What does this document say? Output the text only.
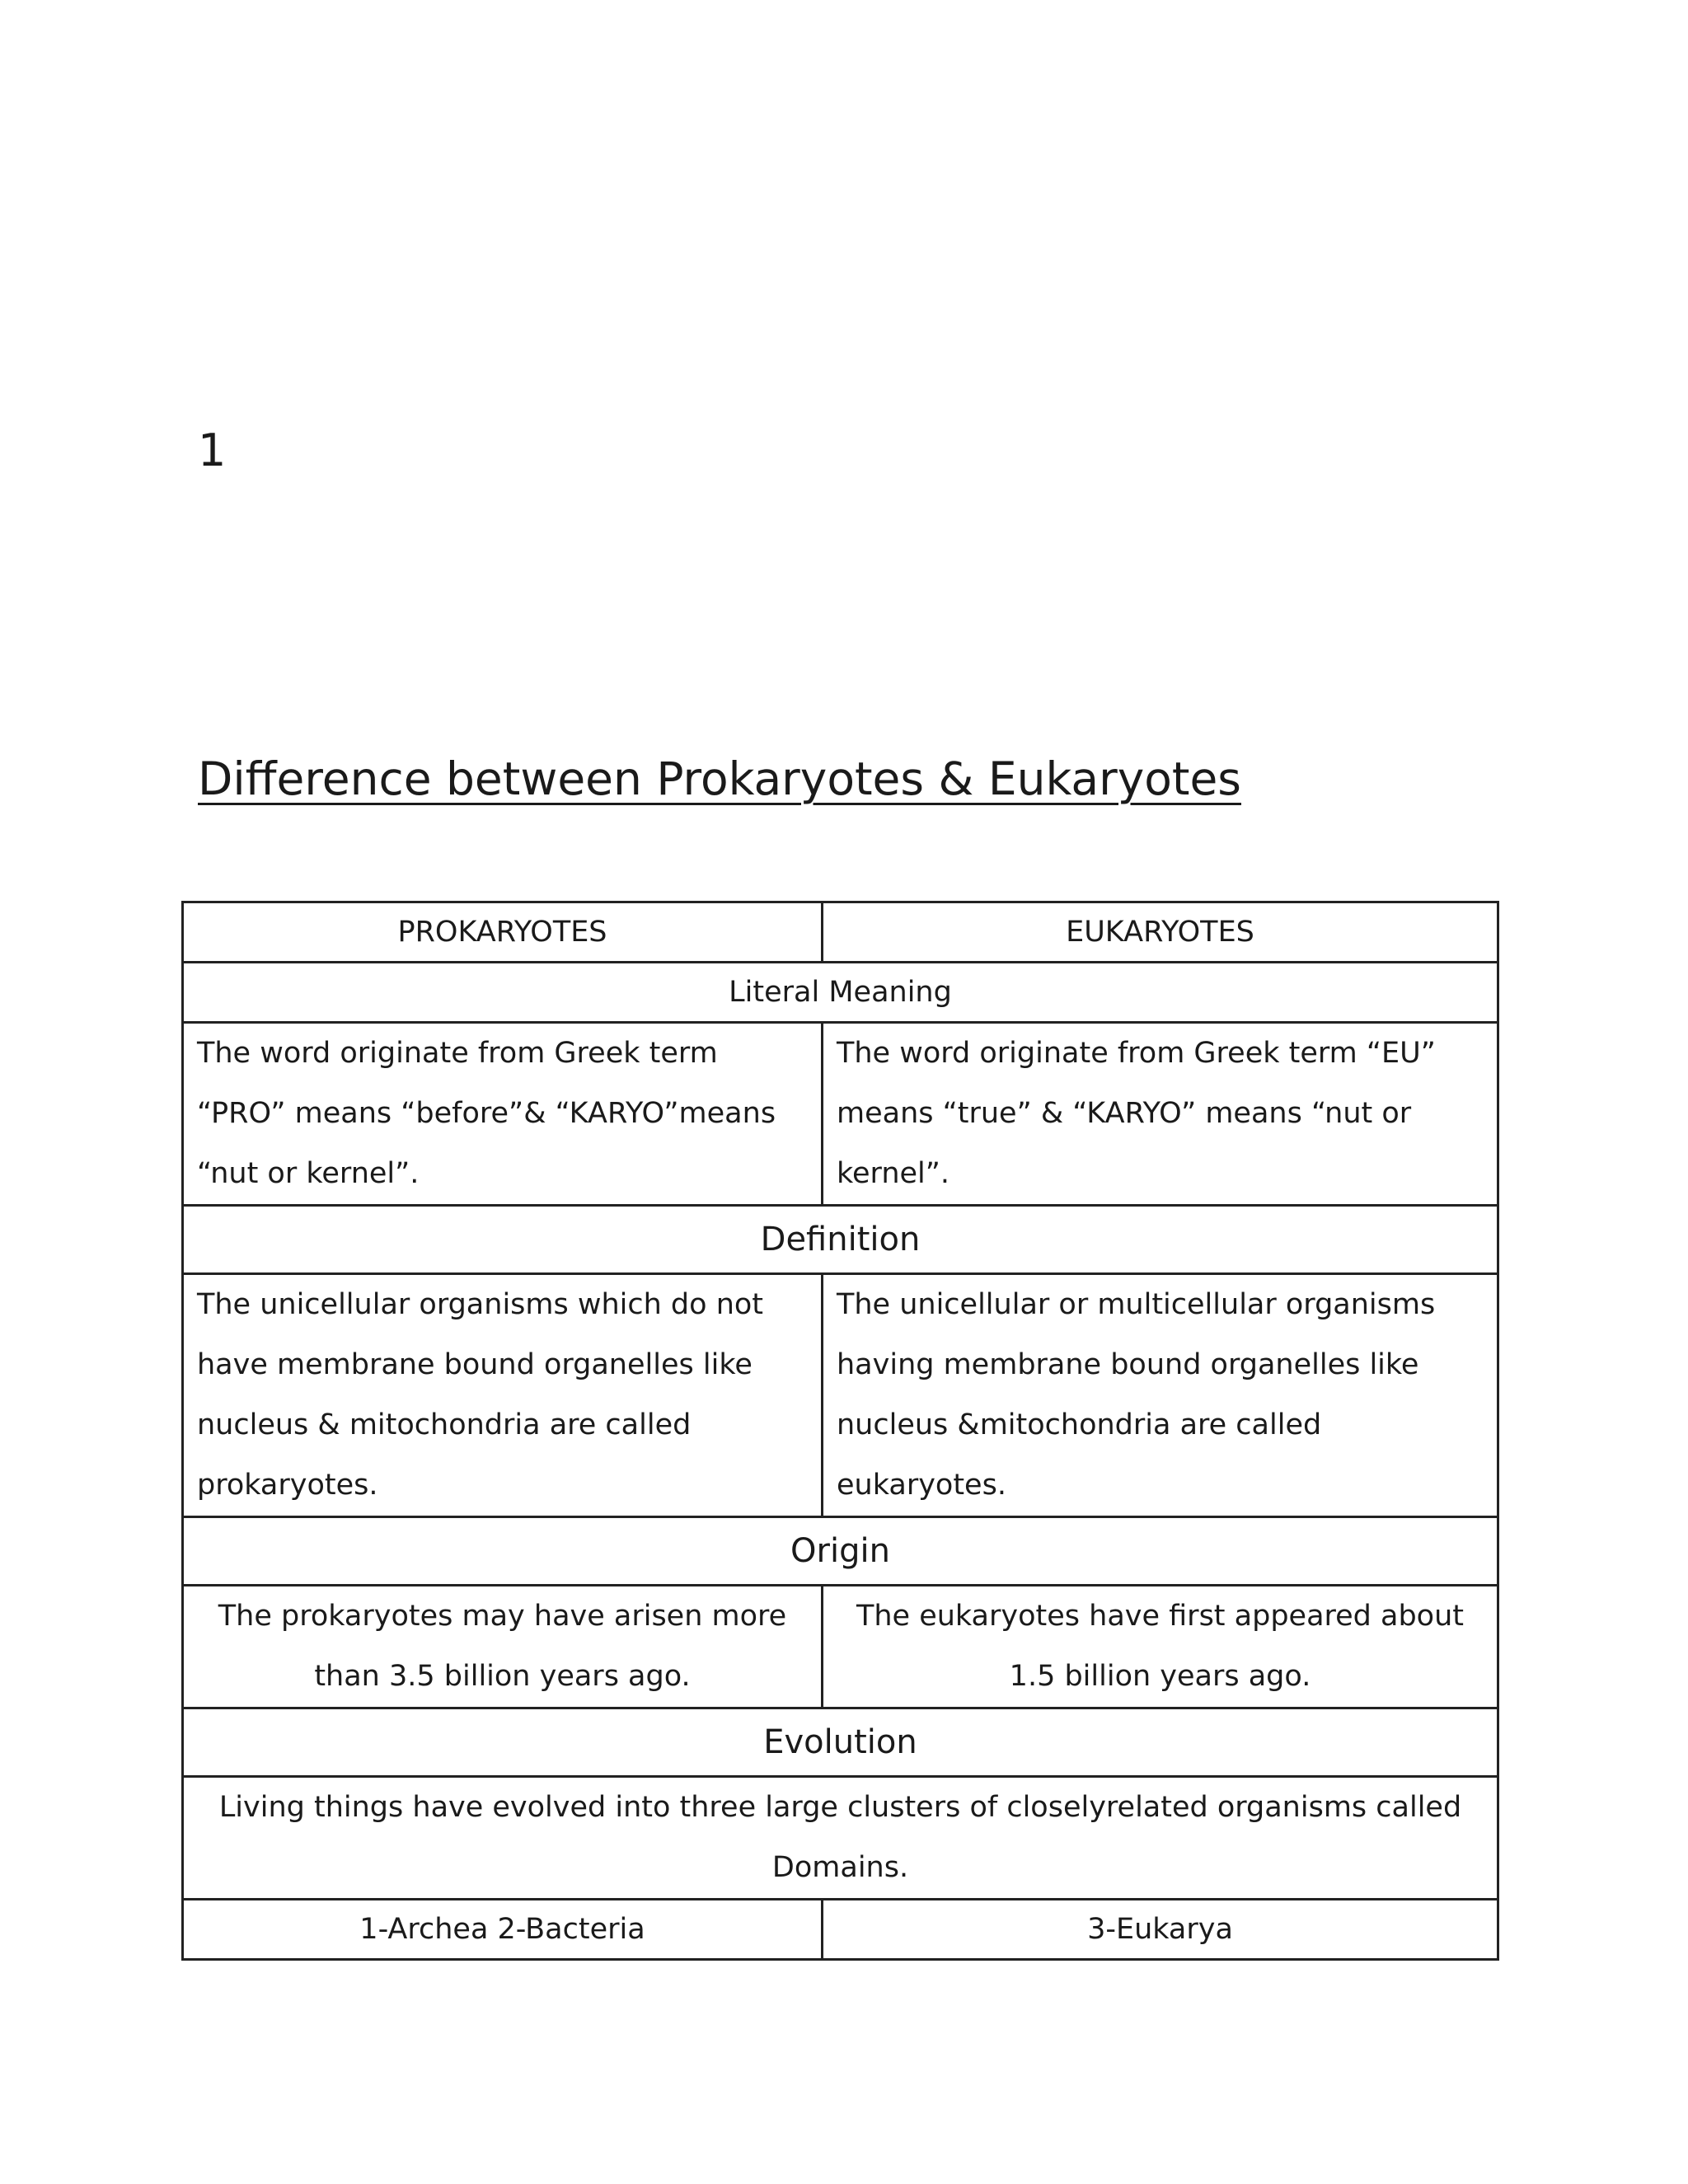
1
Difference between Prokaryotes & Eukaryotes
PROKARYOTES	EUKARYOTES
Literal Meaning	
The word originate from Greek term “PRO” means “before”& “KARYO”means “nut or kernel”.	The word originate from Greek term “EU” means “true” & “KARYO” means “nut or kernel”.
Definition	
The unicellular organisms which do not have membrane bound organelles like nucleus & mitochondria are called prokaryotes.	The unicellular or multicellular organisms having membrane bound organelles like nucleus &mitochondria are called eukaryotes.
Origin	
The prokaryotes may have arisen more than 3.5 billion years ago.	The eukaryotes have first appeared about 1.5 billion years ago.
Evolution	
Living things have evolved into three large clusters of closelyrelated organisms called Domains.	
1-Archea 2-Bacteria	3-Eukarya
